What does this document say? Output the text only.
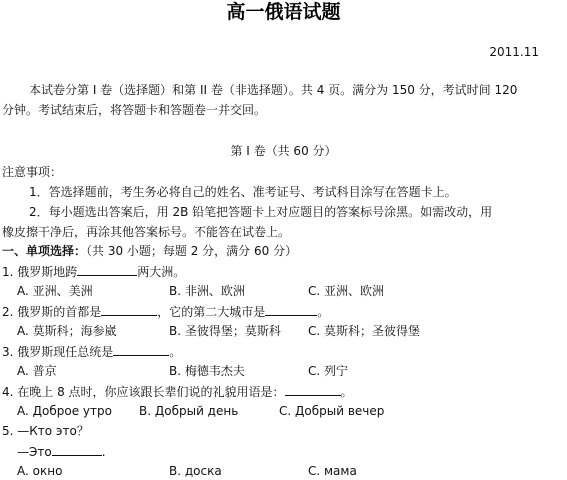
高一俄语试题
2011.11
本试卷分第 I 卷（选择题）和第 II 卷（非选择题）。共 4 页。满分为 150 分，考试时间 120
分钟。考试结束后，将答题卡和答题卷一并交回。
第 I 卷（共 60 分）
注意事项：
1．答选择题前，考生务必将自己的姓名、准考证号、考试科目涂写在答题卡上。
2．每小题选出答案后，用 2B 铅笔把答题卡上对应题目的答案标号涂黑。如需改动，用
橡皮擦干净后，再涂其他答案标号。不能答在试卷上。
一、单项选择：（共 30 小题；每题 2 分，满分 60 分）
1. 俄罗斯地跨	两大洲。
A. 亚洲、美洲	B. 非洲、欧洲	C. 亚洲、欧洲
2. 俄罗斯的首都是	，它的第二大城市是	。
A. 莫斯科；海参崴	B. 圣彼得堡；莫斯科 C. 莫斯科；圣彼得堡
3. 俄罗斯现任总统是	。
A. 普京	B. 梅德韦杰夫	C. 列宁
4. 在晚上 8 点时，你应该跟长辈们说的礼貌用语是：	。
A. Доброе утро B. Добрый день	C. Добрый вечер
5. —Кто это？
—Это	.
A. окно	B. доска	C. мама
